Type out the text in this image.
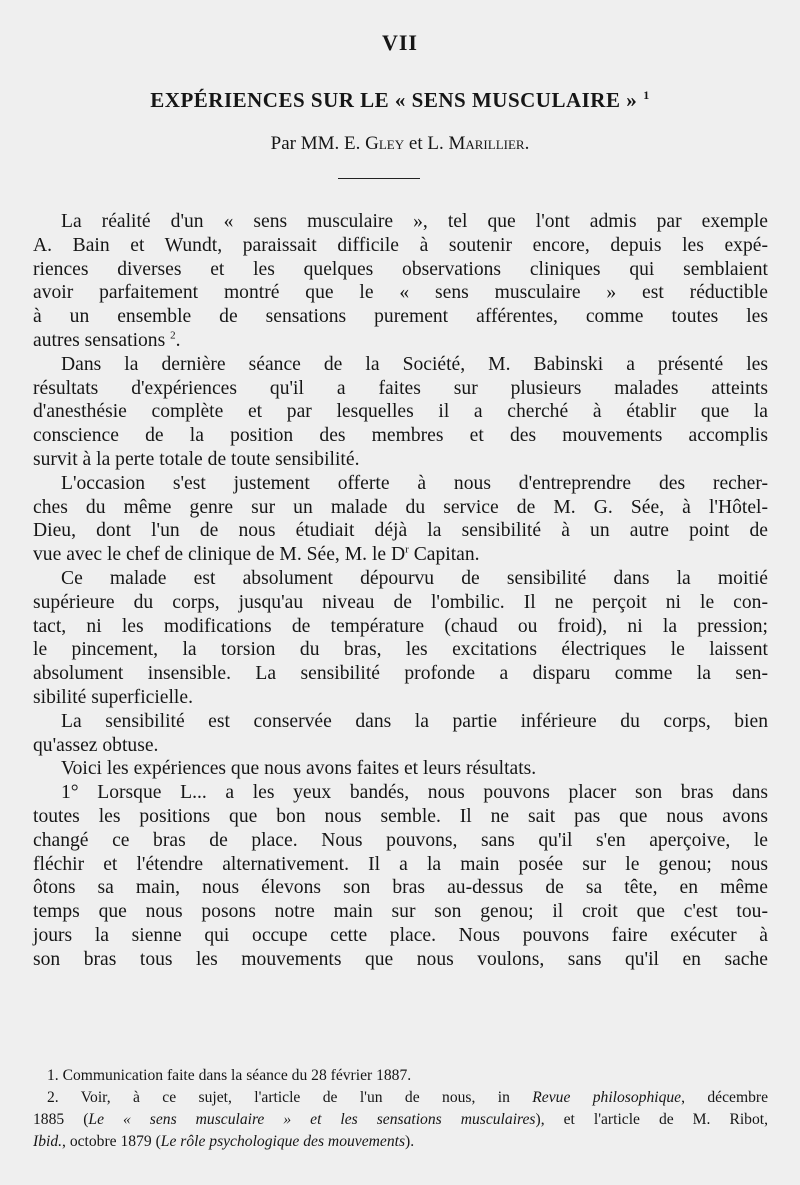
VII
EXPÉRIENCES SUR LE « SENS MUSCULAIRE » $^1$
Par MM. E. Gley et L. Marillier.
La réalité d'un « sens musculaire », tel que l'ont admis par exemple
A. Bain et Wundt, paraissait difficile à soutenir encore, depuis les expé-
riences diverses et les quelques observations cliniques qui semblaient
avoir parfaitement montré que le « sens musculaire » est réductible
à un ensemble de sensations purement afférentes, comme toutes les
autres sensations $^2$.
Dans la dernière séance de la Société, M. Babinski a présenté les
résultats d'expériences qu'il a faites sur plusieurs malades atteints
d'anesthésie complète et par lesquelles il a cherché à établir que la
conscience de la position des membres et des mouvements accomplis
survit à la perte totale de toute sensibilité.
L'occasion s'est justement offerte à nous d'entreprendre des recher-
ches du même genre sur un malade du service de M. G. Sée, à l'Hôtel-
Dieu, dont l'un de nous étudiait déjà la sensibilité à un autre point de
vue avec le chef de clinique de M. Sée, M. le $D^r$ Capitan.
Ce malade est absolument dépourvu de sensibilité dans la moitié
supérieure du corps, jusqu'au niveau de l'ombilic. Il ne perçoit ni le con-
tact, ni les modifications de température (chaud ou froid), ni la pression;
le pincement, la torsion du bras, les excitations électriques le laissent
absolument insensible. La sensibilité profonde a disparu comme la sen-
sibilité superficielle.
La sensibilité est conservée dans la partie inférieure du corps, bien
qu'assez obtuse.
Voici les expériences que nous avons faites et leurs résultats.
1° Lorsque L... a les yeux bandés, nous pouvons placer son bras dans
toutes les positions que bon nous semble. Il ne sait pas que nous avons
changé ce bras de place. Nous pouvons, sans qu'il s'en aperçoive, le
fléchir et l'étendre alternativement. Il a la main posée sur le genou; nous
ôtons sa main, nous élevons son bras au-dessus de sa tête, en même
temps que nous posons notre main sur son genou; il croit que c'est tou-
jours la sienne qui occupe cette place. Nous pouvons faire exécuter à
son bras tous les mouvements que nous voulons, sans qu'il en sache
1. Communication faite dans la séance du 28 février 1887.
2. Voir, à ce sujet, l'article de l'un de nous, in Revue philosophique, décembre
1885 (Le « sens musculaire » et les sensations musculaires), et l'article de M. Ribot,
Ibid., octobre 1879 (Le rôle psychologique des mouvements).
